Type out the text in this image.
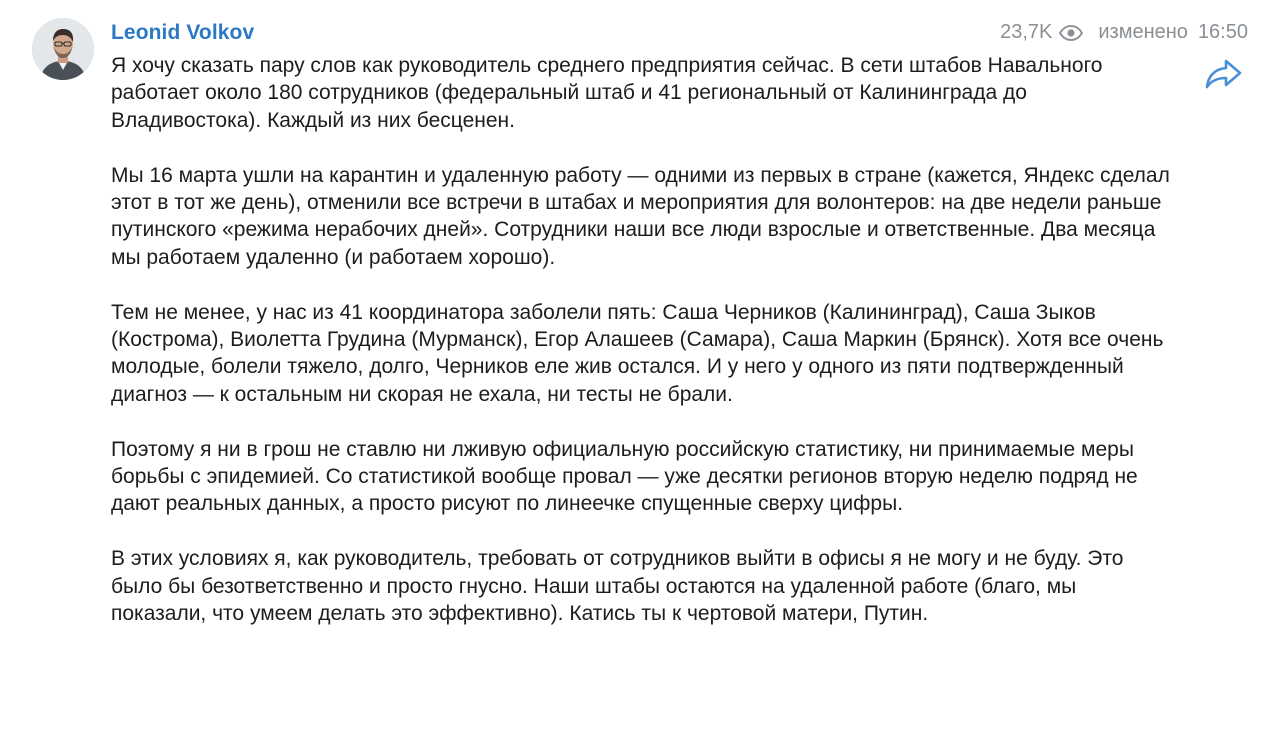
Leonid Volkov	23,7K изменено 16:50

Я хочу сказать пару слов как руководитель среднего предприятия сейчас. В сети штабов Навального работает около 180 сотрудников (федеральный штаб и 41 региональный от Калининграда до Владивостока). Каждый из них бесценен.

Мы 16 марта ушли на карантин и удаленную работу — одними из первых в стране (кажется, Яндекс сделал этот в тот же день), отменили все встречи в штабах и мероприятия для волонтеров: на две недели раньше путинского «режима нерабочих дней». Сотрудники наши все люди взрослые и ответственные. Два месяца мы работаем удаленно (и работаем хорошо).

Тем не менее, у нас из 41 координатора заболели пять: Саша Черников (Калининград), Саша Зыков (Кострома), Виолетта Грудина (Мурманск), Егор Алашеев (Самара), Саша Маркин (Брянск). Хотя все очень молодые, болели тяжело, долго, Черников еле жив остался. И у него у одного из пяти подтвержденный диагноз — к остальным ни скорая не ехала, ни тесты не брали.

Поэтому я ни в грош не ставлю ни лживую официальную российскую статистику, ни принимаемые меры борьбы с эпидемией. Со статистикой вообще провал — уже десятки регионов вторую неделю подряд не дают реальных данных, а просто рисуют по линеечке спущенные сверху цифры.

В этих условиях я, как руководитель, требовать от сотрудников выйти в офисы я не могу и не буду. Это было бы безответственно и просто гнусно. Наши штабы остаются на удаленной работе (благо, мы показали, что умеем делать это эффективно). Катись ты к чертовой матери, Путин.
